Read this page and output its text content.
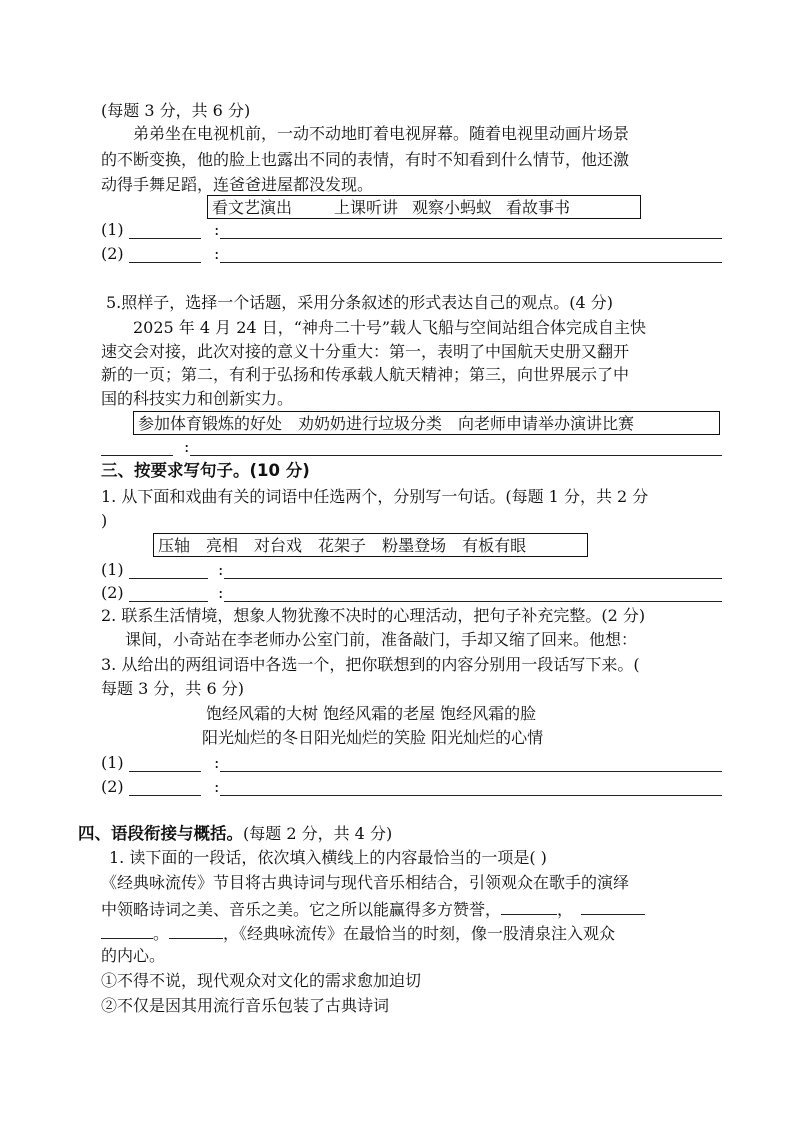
(每题 3 分，共 6 分)
弟弟坐在电视机前，一动不动地盯着电视屏幕。随着电视里动画片场景
的不断变换，他的脸上也露出不同的表情，有时不知看到什么情节，他还激
动得手舞足蹈，连爸爸进屋都没发现。
看文艺演出	上课听讲 观察小蚂蚁 看故事书
(1)	:
(2)	:
5.照样子，选择一个话题，采用分条叙述的形式表达自己的观点。(4 分)
2025 年 4 月 24 日，“神舟二十号”载人飞船与空间站组合体完成自主快
速交会对接，此次对接的意义十分重大：第一，表明了中国航天史册又翻开
新的一页；第二，有利于弘扬和传承载人航天精神；第三，向世界展示了中
国的科技实力和创新实力。
参加体育锻炼的好处 劝奶奶进行垃圾分类 向老师申请举办演讲比赛
:
三、按要求写句子。(10 分)
1. 从下面和戏曲有关的词语中任选两个，分别写一句话。(每题 1 分，共 2 分
)
压轴 亮相 对台戏 花架子 粉墨登场 有板有眼
(1)	:
(2)	:
2. 联系生活情境，想象人物犹豫不决时的心理活动，把句子补充完整。(2 分)
课间，小奇站在李老师办公室门前，准备敲门，手却又缩了回来。他想：
3. 从给出的两组词语中各选一个，把你联想到的内容分别用一段话写下来。(
每题 3 分，共 6 分)
饱经风霜的大树 饱经风霜的老屋 饱经风霜的脸
阳光灿烂的冬日阳光灿烂的笑脸 阳光灿烂的心情
(1)	:
(2)	:
四、语段衔接与概括。(每题 2 分，共 4 分)
1. 读下面的一段话，依次填入横线上的内容最恰当的一项是( )
《经典咏流传》节目将古典诗词与现代音乐相结合，引领观众在歌手的演绎
中领略诗词之美、音乐之美。它之所以能赢得多方赞誉，	，
。	，《经典咏流传》在最恰当的时刻，像一股清泉注入观众
的内心。
①不得不说，现代观众对文化的需求愈加迫切
②不仅是因其用流行音乐包装了古典诗词
